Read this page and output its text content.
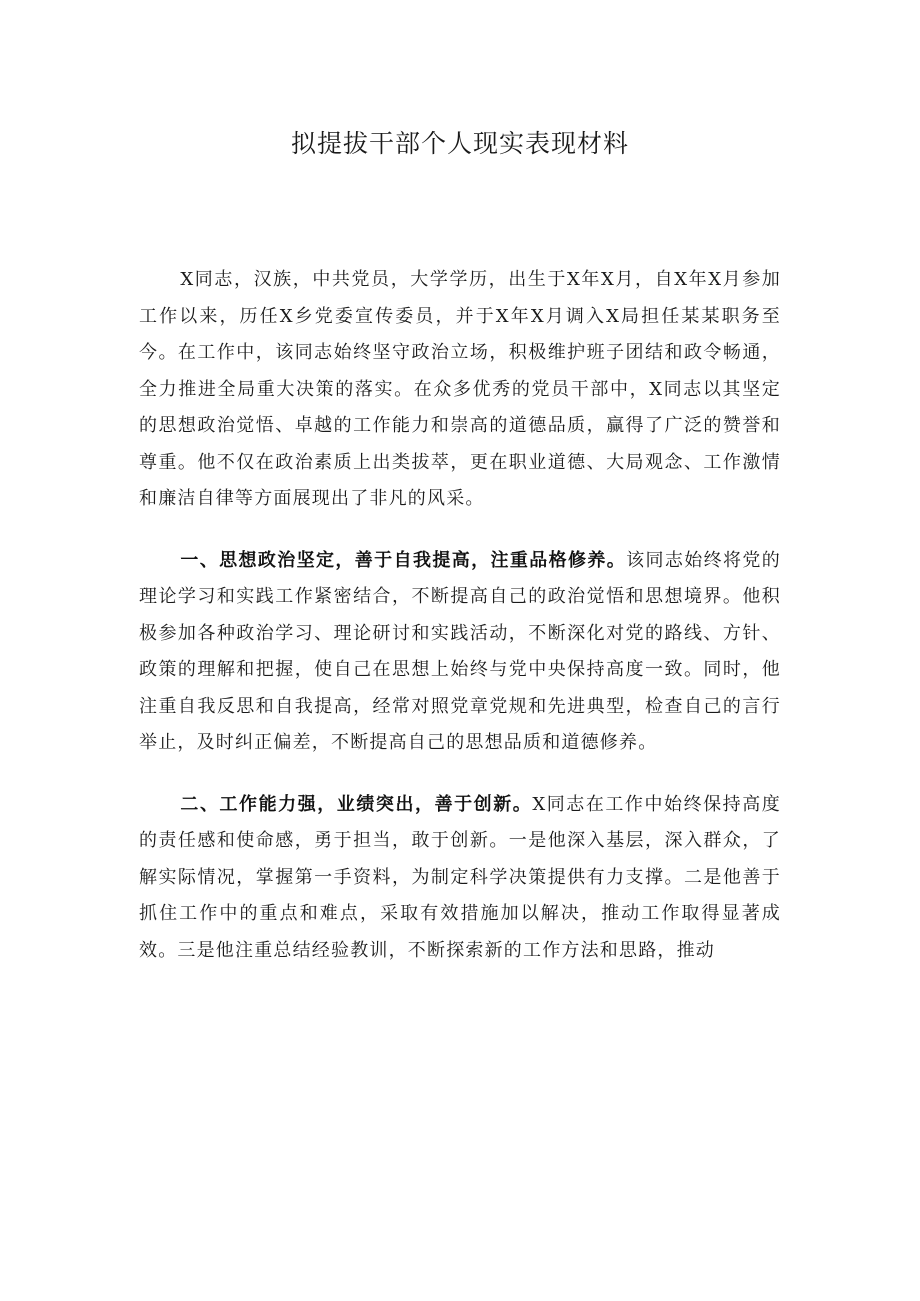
拟提拔干部个人现实表现材料

X同志，汉族，中共党员，大学学历，出生于X年X月，自X年X月参加工作以来，历任X乡党委宣传委员，并于X年X月调入X局担任某某职务至今。在工作中，该同志始终坚守政治立场，积极维护班子团结和政令畅通，全力推进全局重大决策的落实。在众多优秀的党员干部中，X同志以其坚定的思想政治觉悟、卓越的工作能力和崇高的道德品质，赢得了广泛的赞誉和尊重。他不仅在政治素质上出类拔萃，更在职业道德、大局观念、工作激情和廉洁自律等方面展现出了非凡的风采。

一、思想政治坚定，善于自我提高，注重品格修养。该同志始终将党的理论学习和实践工作紧密结合，不断提高自己的政治觉悟和思想境界。他积极参加各种政治学习、理论研讨和实践活动，不断深化对党的路线、方针、政策的理解和把握，使自己在思想上始终与党中央保持高度一致。同时，他注重自我反思和自我提高，经常对照党章党规和先进典型，检查自己的言行举止，及时纠正偏差，不断提高自己的思想品质和道德修养。

二、工作能力强，业绩突出，善于创新。X同志在工作中始终保持高度的责任感和使命感，勇于担当，敢于创新。一是他深入基层，深入群众，了解实际情况，掌握第一手资料，为制定科学决策提供有力支撑。二是他善于抓住工作中的重点和难点，采取有效措施加以解决，推动工作取得显著成效。三是他注重总结经验教训，不断探索新的工作方法和思路，推动
